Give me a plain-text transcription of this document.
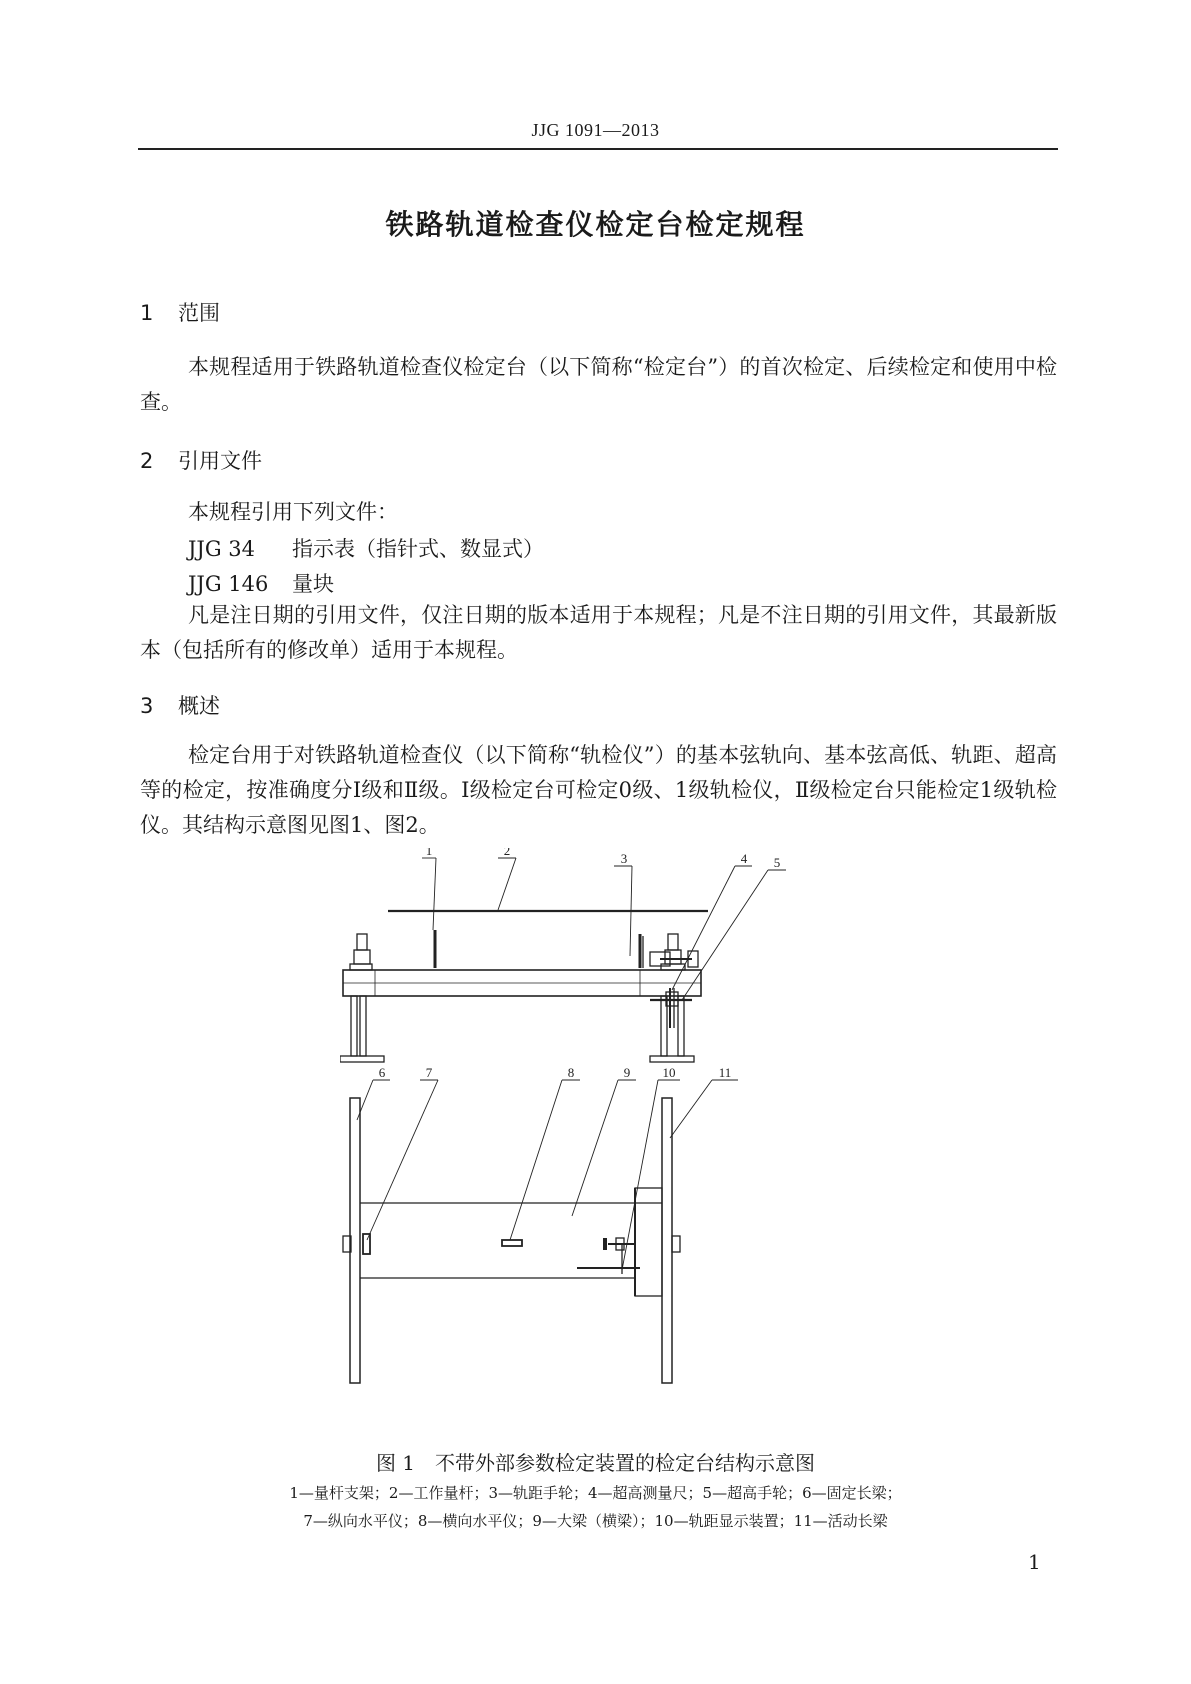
JJG 1091—2013
铁路轨道检查仪检定台检定规程
1 范围

本规程适用于铁路轨道检查仪检定台（以下简称“检定台”）的首次检定、后续检定和使用中检查。

2 引用文件

本规程引用下列文件：

JJG 34 指示表（指针式、数显式）
JJG 146 量块

凡是注日期的引用文件，仅注日期的版本适用于本规程；凡是不注日期的引用文件，其最新版本（包括所有的修改单）适用于本规程。

3 概述

检定台用于对铁路轨道检查仪（以下简称“轨检仪”）的基本弦轨向、基本弦高低、轨距、超高等的检定，按准确度分Ⅰ级和Ⅱ级。Ⅰ级检定台可检定0级、1级轨检仪，Ⅱ级检定台只能检定1级轨检仪。其结构示意图见图1、图2。

1	2
3	4 5
6	7	8	9 10	11
图 1　不带外部参数检定装置的检定台结构示意图
1—量杆支架；2—工作量杆；3—轨距手轮；4—超高测量尺；5—超高手轮；6—固定长梁；
7—纵向水平仪；8—横向水平仪；9—大梁（横梁）；10—轨距显示装置；11—活动长梁
1
